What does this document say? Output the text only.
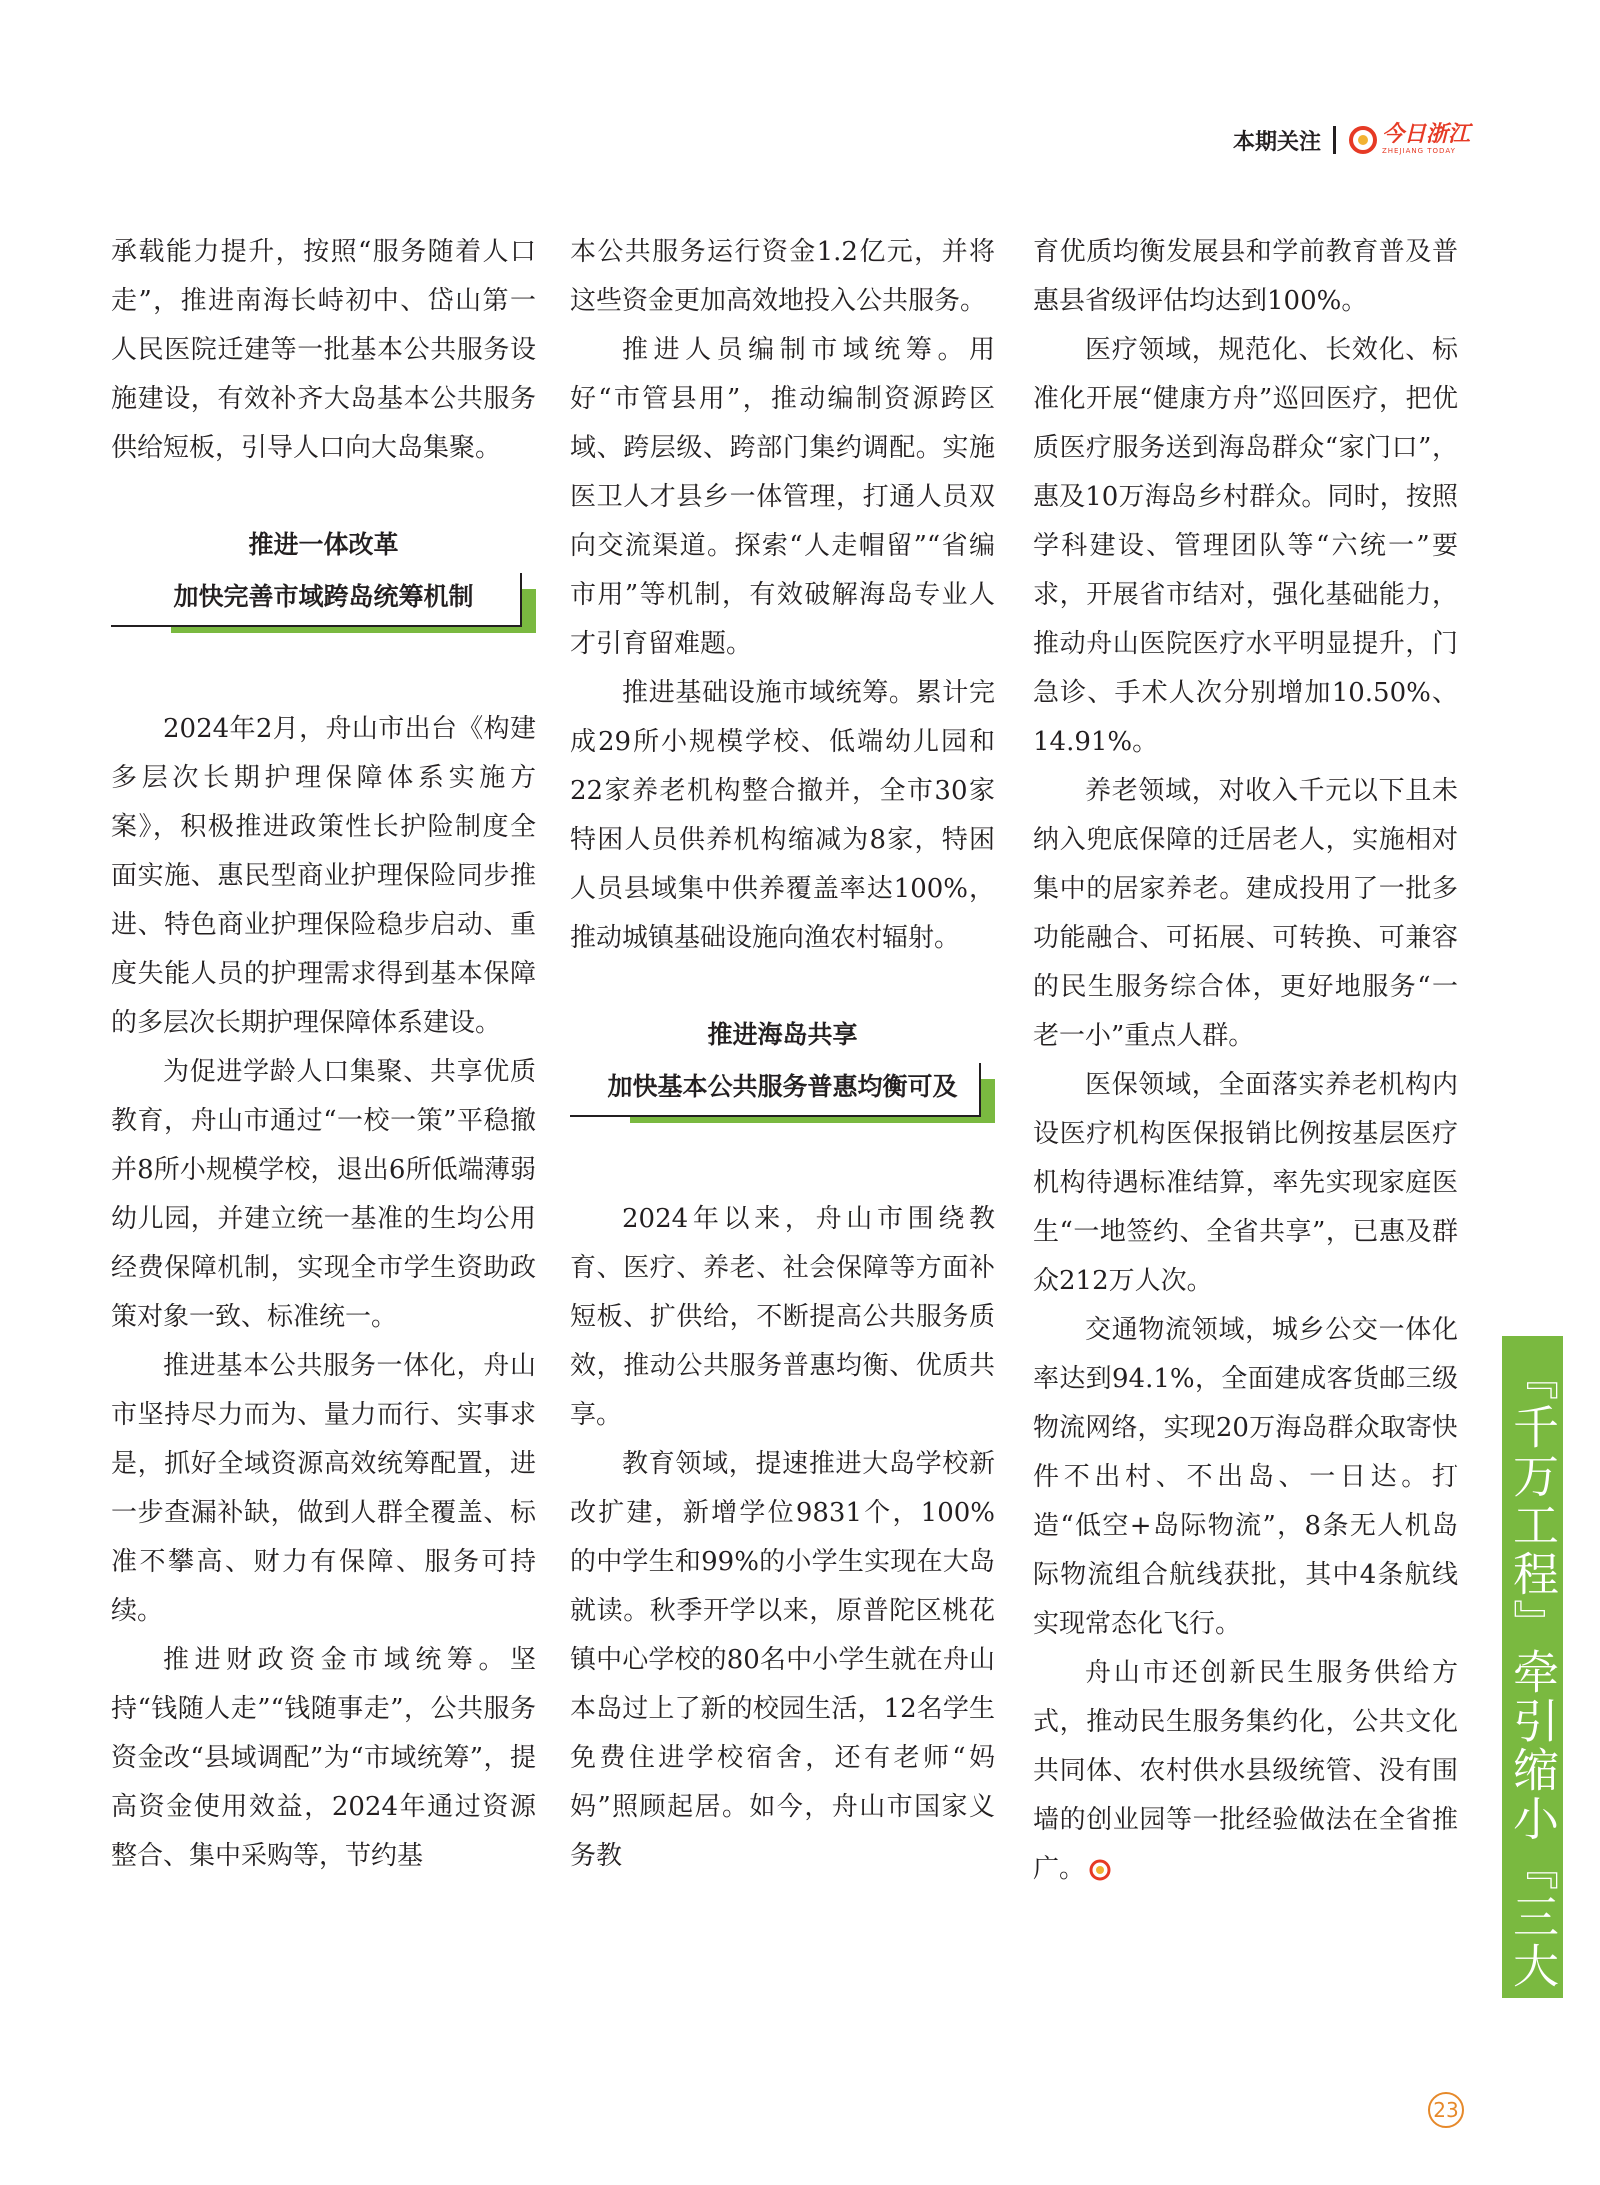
本期关注	今日浙江
ZHEJIANG TODAY

承载能力提升，按照“服务随着人口走”，推进南海长峙初中、岱山第一人民医院迁建等一批基本公共服务设施建设，有效补齐大岛基本公共服务供给短板，引导人口向大岛集聚。

推进一体改革
加快完善市域跨岛统筹机制

2024年2月，舟山市出台《构建多层次长期护理保障体系实施方案》，积极推进政策性长护险制度全面实施、惠民型商业护理保险同步推进、特色商业护理保险稳步启动、重度失能人员的护理需求得到基本保障的多层次长期护理保障体系建设。

为促进学龄人口集聚、共享优质教育，舟山市通过“一校一策”平稳撤并8所小规模学校，退出6所低端薄弱幼儿园，并建立统一基准的生均公用经费保障机制，实现全市学生资助政策对象一致、标准统一。

推进基本公共服务一体化，舟山市坚持尽力而为、量力而行、实事求是，抓好全域资源高效统筹配置，进一步查漏补缺，做到人群全覆盖、标准不攀高、财力有保障、服务可持续。

推进财政资金市域统筹。坚持“钱随人走”“钱随事走”，公共服务资金改“县域调配”为“市域统筹”，提高资金使用效益，2024年通过资源整合、集中采购等，节约基

本公共服务运行资金1.2亿元，并将这些资金更加高效地投入公共服务。

推进人员编制市域统筹。用好“市管县用”，推动编制资源跨区域、跨层级、跨部门集约调配。实施医卫人才县乡一体管理，打通人员双向交流渠道。探索“人走帽留”“省编市用”等机制，有效破解海岛专业人才引育留难题。

推进基础设施市域统筹。累计完成29所小规模学校、低端幼儿园和22家养老机构整合撤并，全市30家特困人员供养机构缩减为8家，特困人员县域集中供养覆盖率达100%，推动城镇基础设施向渔农村辐射。

推进海岛共享
加快基本公共服务普惠均衡可及

2024年以来，舟山市围绕教育、医疗、养老、社会保障等方面补短板、扩供给，不断提高公共服务质效，推动公共服务普惠均衡、优质共享。

教育领域，提速推进大岛学校新改扩建，新增学位9831个，100%的中学生和99%的小学生实现在大岛就读。秋季开学以来，原普陀区桃花镇中心学校的80名中小学生就在舟山本岛过上了新的校园生活，12名学生免费住进学校宿舍，还有老师“妈妈”照顾起居。如今，舟山市国家义务教

育优质均衡发展县和学前教育普及普惠县省级评估均达到100%。

医疗领域，规范化、长效化、标准化开展“健康方舟”巡回医疗，把优质医疗服务送到海岛群众“家门口”，惠及10万海岛乡村群众。同时，按照学科建设、管理团队等“六统一”要求，开展省市结对，强化基础能力，推动舟山医院医疗水平明显提升，门急诊、手术人次分别增加10.50%、14.91%。

养老领域，对收入千元以下且未纳入兜底保障的迁居老人，实施相对集中的居家养老。建成投用了一批多功能融合、可拓展、可转换、可兼容的民生服务综合体，更好地服务“一老一小”重点人群。

医保领域，全面落实养老机构内设医疗机构医保报销比例按基层医疗机构待遇标准结算，率先实现家庭医生“一地签约、全省共享”，已惠及群众212万人次。

交通物流领域，城乡公交一体化率达到94.1%，全面建成客货邮三级物流网络，实现20万海岛群众取寄快件不出村、不出岛、一日达。打造“低空+岛际物流”，8条无人机岛际物流组合航线获批，其中4条航线实现常态化飞行。

舟山市还创新民生服务供给方式，推动民生服务集约化，公共文化共同体、农村供水县级统管、没有围墙的创业园等一批经验做法在全省推广。	『千万工程』牵引缩小『三大差距』
23
